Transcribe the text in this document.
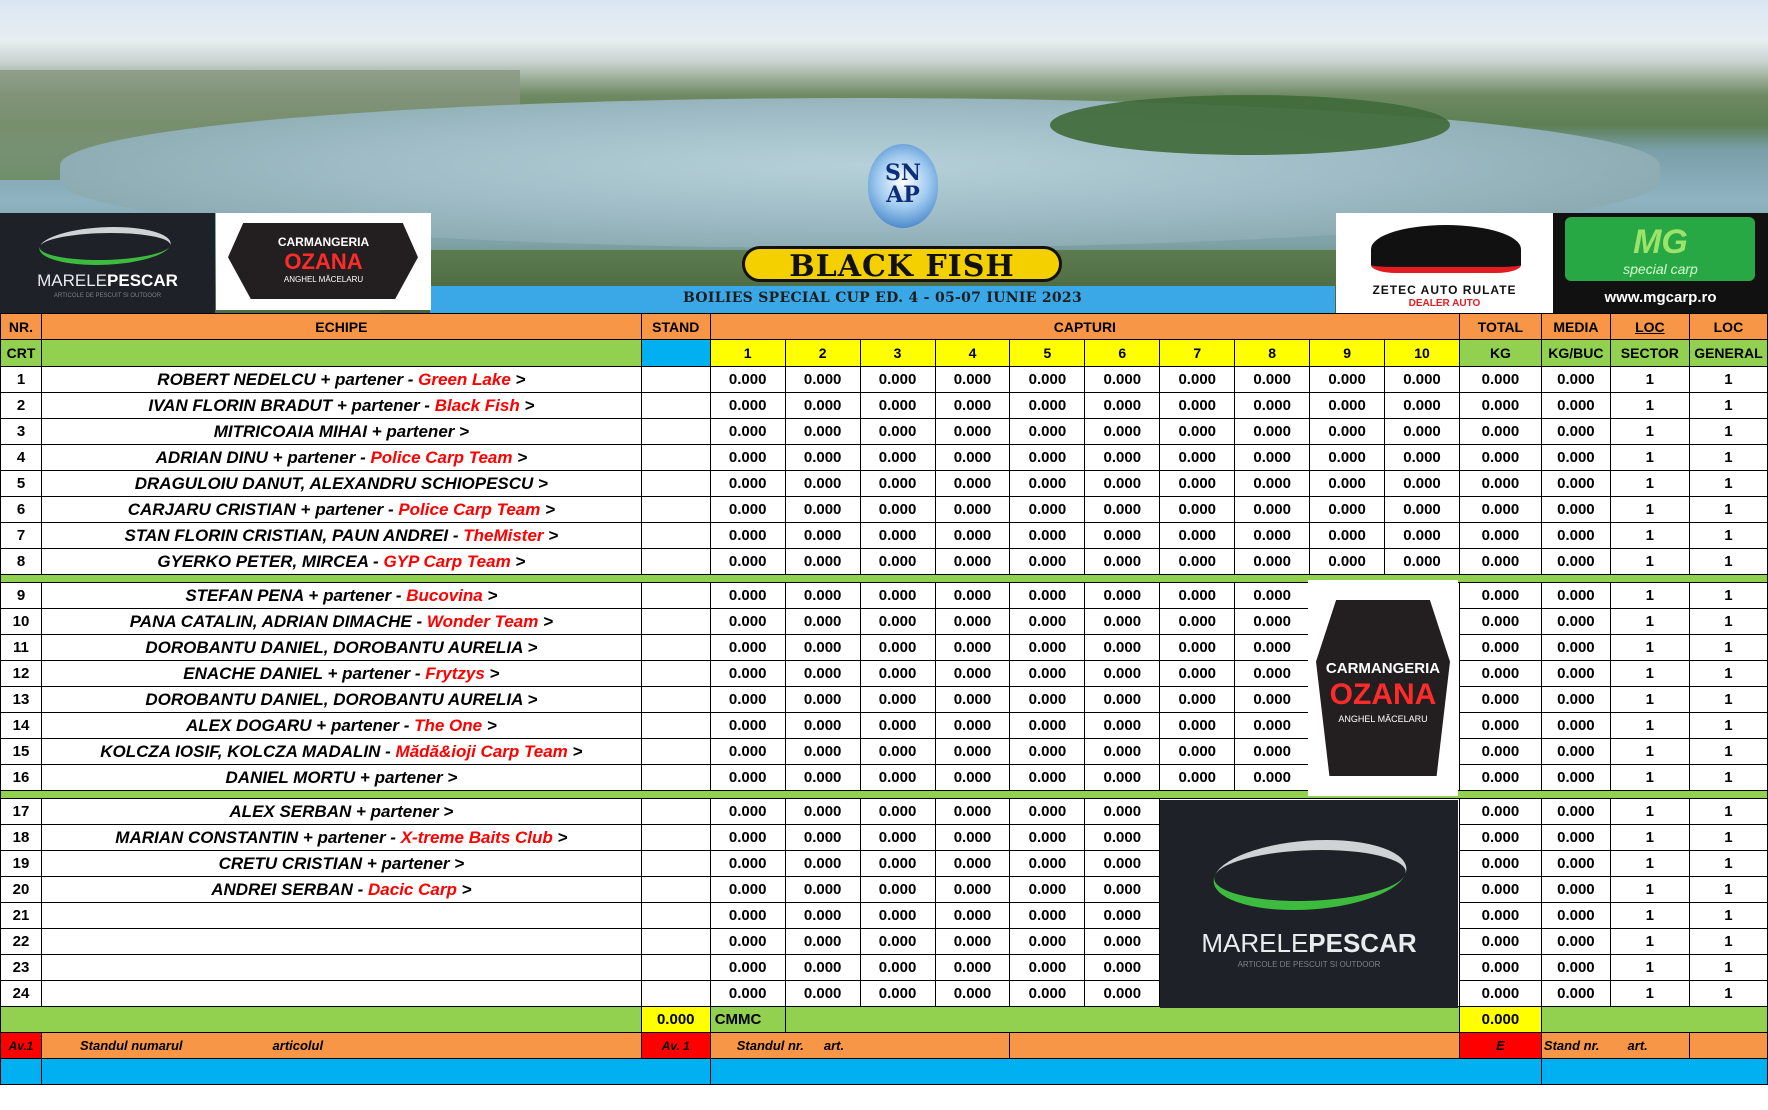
BOILIES SPECIAL CUP ED. 4 - 05-07 IUNIE 2023
SN AP
BLACK FISH
MARELEPESCAR
ARTICOLE DE PESCUIT SI OUTDOOR
CARMANGERIA
OZANA
ANGHEL MĂCELARU
ZETEC AUTO RULATE
DEALER AUTO
MG
special carp
www.mgcarp.ro
NR.	ECHIPE	STAND	CAPTURI										TOTAL	MEDIA	LOC	LOC
CRT			1	2	3	4	5	6	7	8	9	10	KG	KG/BUC	SECTOR	GENERAL
1	ROBERT NEDELCU + partener - Green Lake >		0.000	0.000	0.000	0.000	0.000	0.000	0.000	0.000	0.000	0.000	0.000	0.000	1	1
2	IVAN FLORIN BRADUT + partener - Black Fish >		0.000	0.000	0.000	0.000	0.000	0.000	0.000	0.000	0.000	0.000	0.000	0.000	1	1
3	MITRICOAIA MIHAI + partener >		0.000	0.000	0.000	0.000	0.000	0.000	0.000	0.000	0.000	0.000	0.000	0.000	1	1
4	ADRIAN DINU + partener - Police Carp Team >		0.000	0.000	0.000	0.000	0.000	0.000	0.000	0.000	0.000	0.000	0.000	0.000	1	1
5	DRAGULOIU DANUT, ALEXANDRU SCHIOPESCU >		0.000	0.000	0.000	0.000	0.000	0.000	0.000	0.000	0.000	0.000	0.000	0.000	1	1
6	CARJARU CRISTIAN + partener - Police Carp Team >		0.000	0.000	0.000	0.000	0.000	0.000	0.000	0.000	0.000	0.000	0.000	0.000	1	1
7	STAN FLORIN CRISTIAN, PAUN ANDREI - TheMister >		0.000	0.000	0.000	0.000	0.000	0.000	0.000	0.000	0.000	0.000	0.000	0.000	1	1
8	GYERKO PETER, MIRCEA - GYP Carp Team >		0.000	0.000	0.000	0.000	0.000	0.000	0.000	0.000	0.000	0.000	0.000	0.000	1	1

9	STEFAN PENA + partener - Bucovina >		0.000	0.000	0.000	0.000	0.000	0.000	0.000	0.000			0.000	0.000	1	1
10	PANA CATALIN, ADRIAN DIMACHE - Wonder Team >		0.000	0.000	0.000	0.000	0.000	0.000	0.000	0.000			0.000	0.000	1	1
11	DOROBANTU DANIEL, DOROBANTU AURELIA >		0.000	0.000	0.000	0.000	0.000	0.000	0.000	0.000			0.000	0.000	1	1
12	ENACHE DANIEL + partener - Frytzys >		0.000	0.000	0.000	0.000	0.000	0.000	0.000	0.000			0.000	0.000	1	1
13	DOROBANTU DANIEL, DOROBANTU AURELIA >		0.000	0.000	0.000	0.000	0.000	0.000	0.000	0.000			0.000	0.000	1	1
14	ALEX DOGARU + partener - The One >		0.000	0.000	0.000	0.000	0.000	0.000	0.000	0.000			0.000	0.000	1	1
15	KOLCZA IOSIF, KOLCZA MADALIN - Mădă&ioji Carp Team >		0.000	0.000	0.000	0.000	0.000	0.000	0.000	0.000			0.000	0.000	1	1
16	DANIEL MORTU + partener >		0.000	0.000	0.000	0.000	0.000	0.000	0.000	0.000			0.000	0.000	1	1

17	ALEX SERBAN + partener >		0.000	0.000	0.000	0.000	0.000	0.000					0.000	0.000	1	1
18	MARIAN CONSTANTIN + partener - X-treme Baits Club >		0.000	0.000	0.000	0.000	0.000	0.000					0.000	0.000	1	1
19	CRETU CRISTIAN + partener >		0.000	0.000	0.000	0.000	0.000	0.000					0.000	0.000	1	1
20	ANDREI SERBAN - Dacic Carp >		0.000	0.000	0.000	0.000	0.000	0.000					0.000	0.000	1	1
21			0.000	0.000	0.000	0.000	0.000	0.000					0.000	0.000	1	1
22			0.000	0.000	0.000	0.000	0.000	0.000					0.000	0.000	1	1
23			0.000	0.000	0.000	0.000	0.000	0.000					0.000	0.000	1	1
24			0.000	0.000	0.000	0.000	0.000	0.000					0.000	0.000	1	1
		0.000	CMMC										0.000			
Av.1	Standul numarul articolul	Av. 1	Standul nr. art.										E	Stand nr. art.		

CARMANGERIA
OZANA
ANGHEL MĂCELARU
MARELEPESCAR
ARTICOLE DE PESCUIT SI OUTDOOR
